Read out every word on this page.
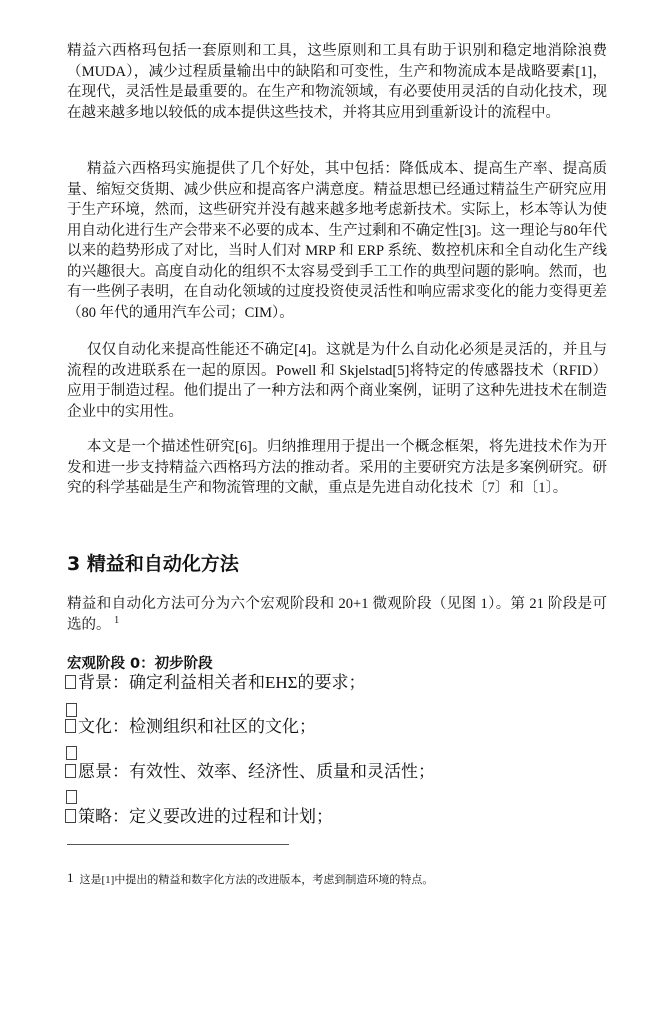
精益六西格玛包括一套原则和工具，这些原则和工具有助于识别和稳定地消除浪费（MUDA），减少过程质量输出中的缺陷和可变性，生产和物流成本是战略要素[1]，在现代，灵活性是最重要的。在生产和物流领域，有必要使用灵活的自动化技术，现在越来越多地以较低的成本提供这些技术，并将其应用到重新设计的流程中。

精益六西格玛实施提供了几个好处，其中包括：降低成本、提高生产率、提高质量、缩短交货期、减少供应和提高客户满意度。精益思想已经通过精益生产研究应用于生产环境，然而，这些研究并没有越来越多地考虑新技术。实际上，杉本等认为使用自动化进行生产会带来不必要的成本、生产过剩和不确定性[3]。这一理论与80年代以来的趋势形成了对比，当时人们对 MRP 和 ERP 系统、数控机床和全自动化生产线的兴趣很大。高度自动化的组织不太容易受到手工工作的典型问题的影响。然而，也有一些例子表明，在自动化领域的过度投资使灵活性和响应需求变化的能力变得更差（80 年代的通用汽车公司；CIM）。

仅仅自动化来提高性能还不确定[4]。这就是为什么自动化必须是灵活的，并且与流程的改进联系在一起的原因。Powell 和 Skjelstad[5]将特定的传感器技术（RFID）应用于制造过程。他们提出了一种方法和两个商业案例，证明了这种先进技术在制造企业中的实用性。

本文是一个描述性研究[6]。归纳推理用于提出一个概念框架，将先进技术作为开发和进一步支持精益六西格玛方法的推动者。采用的主要研究方法是多案例研究。研究的科学基础是生产和物流管理的文献，重点是先进自动化技术〔7〕和〔1〕。

3 精益和自动化方法

精益和自动化方法可分为六个宏观阶段和 20+1 微观阶段（见图 1）。第 21 阶段是可选的。 $^1$

宏观阶段 0：初步阶段

背景：确定利益相关者和EHΣ的要求；

文化：检测组织和社区的文化；

愿景：有效性、效率、经济性、质量和灵活性；

策略：定义要改进的过程和计划；

1 这是[1]中提出的精益和数字化方法的改进版本，考虑到制造环境的特点。
